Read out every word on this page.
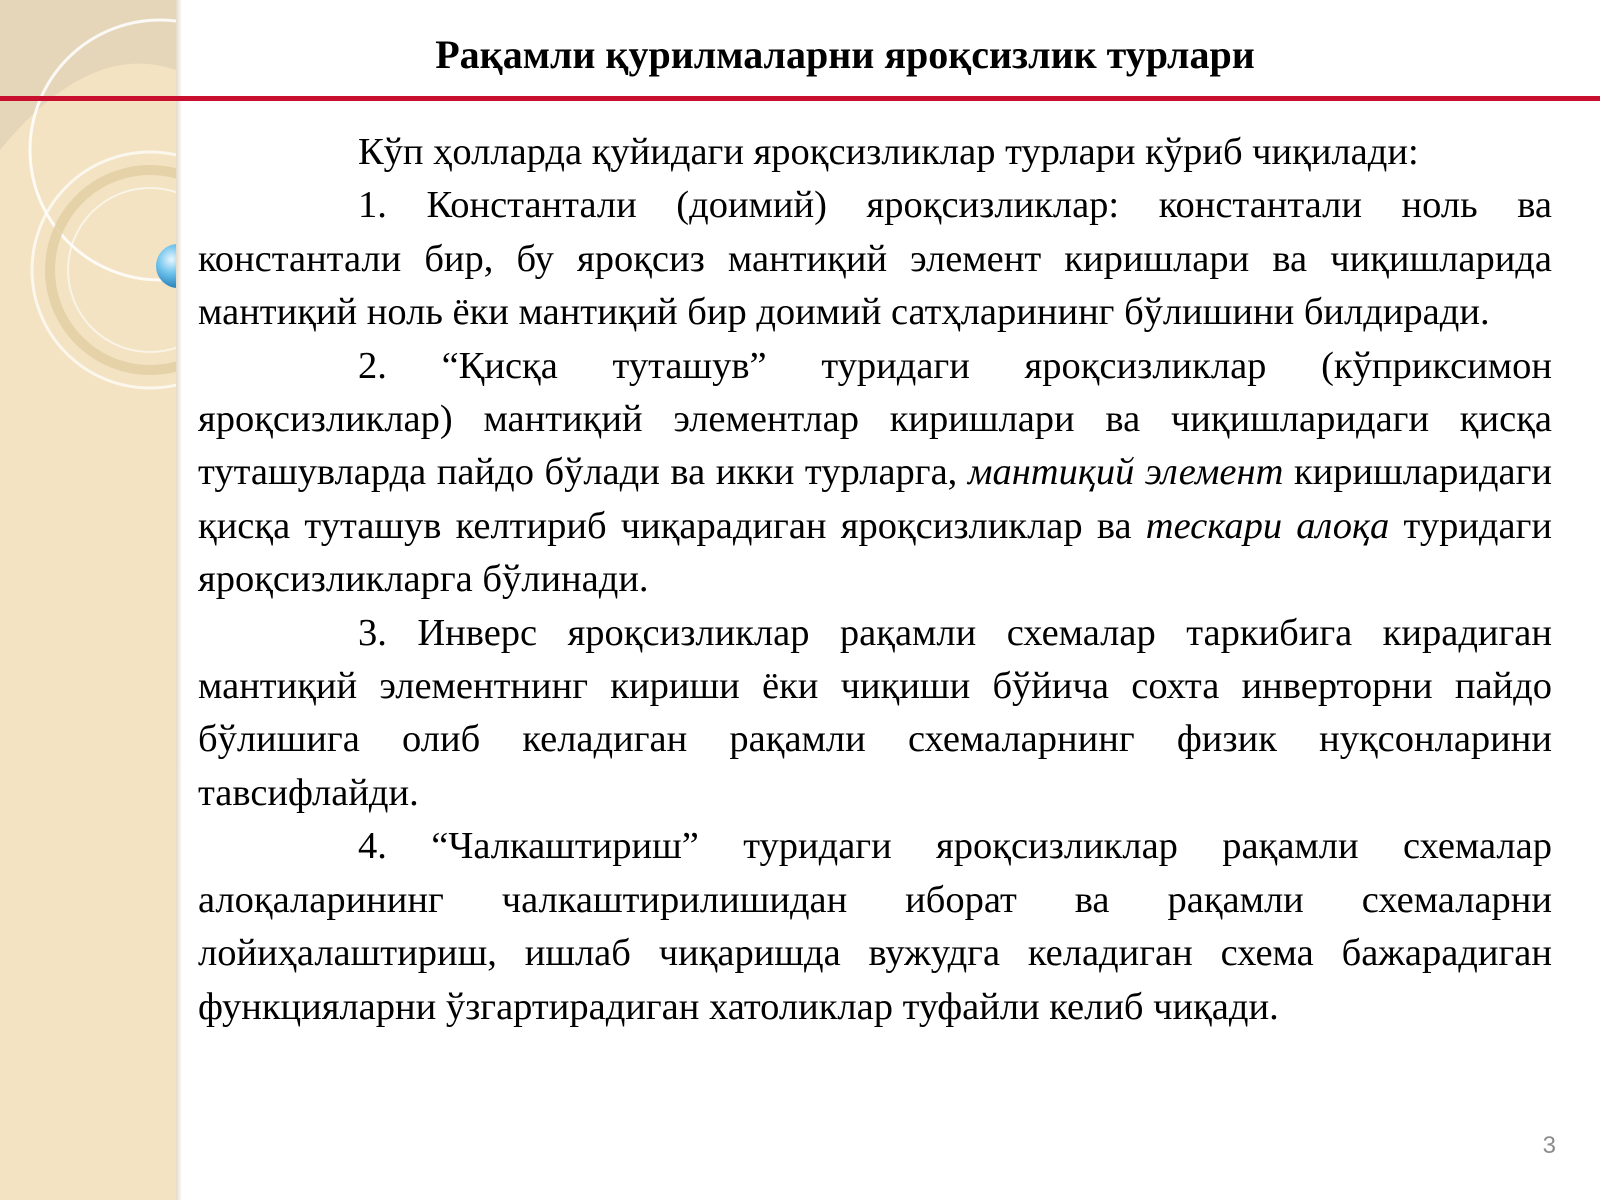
Рақамли қурилмаларни яроқсизлик турлари

Кўп ҳолларда қуйидаги яроқсизликлар турлари кўриб чиқилади:

1. Константали (доимий) яроқсизликлар: константали ноль ва константали бир, бу яроқсиз мантиқий элемент киришлари ва чиқишларида мантиқий ноль ёки мантиқий бир доимий сатҳларининг бўлишини билдиради.

2. “Қисқа туташув” туридаги яроқсизликлар (кўприксимон яроқсизликлар) мантиқий элементлар киришлари ва чиқишларидаги қисқа туташувларда пайдо бўлади ва икки турларга, мантиқий элемент киришларидаги қисқа туташув келтириб чиқарадиган яроқсизликлар ва тескари алоқа туридаги яроқсизликларга бўлинади.

3. Инверс яроқсизликлар рақамли схемалар таркибига кирадиган мантиқий элементнинг кириши ёки чиқиши бўйича сохта инверторни пайдо бўлишига олиб келадиган рақамли схемаларнинг физик нуқсонларини тавсифлайди.

4. “Чалкаштириш” туридаги яроқсизликлар рақамли схемалар алоқаларининг чалкаштирилишидан иборат ва рақамли схемаларни лойиҳалаштириш, ишлаб чиқаришда вужудга келадиган схема бажарадиган функцияларни ўзгартирадиган хатоликлар туфайли келиб чиқади.

3
